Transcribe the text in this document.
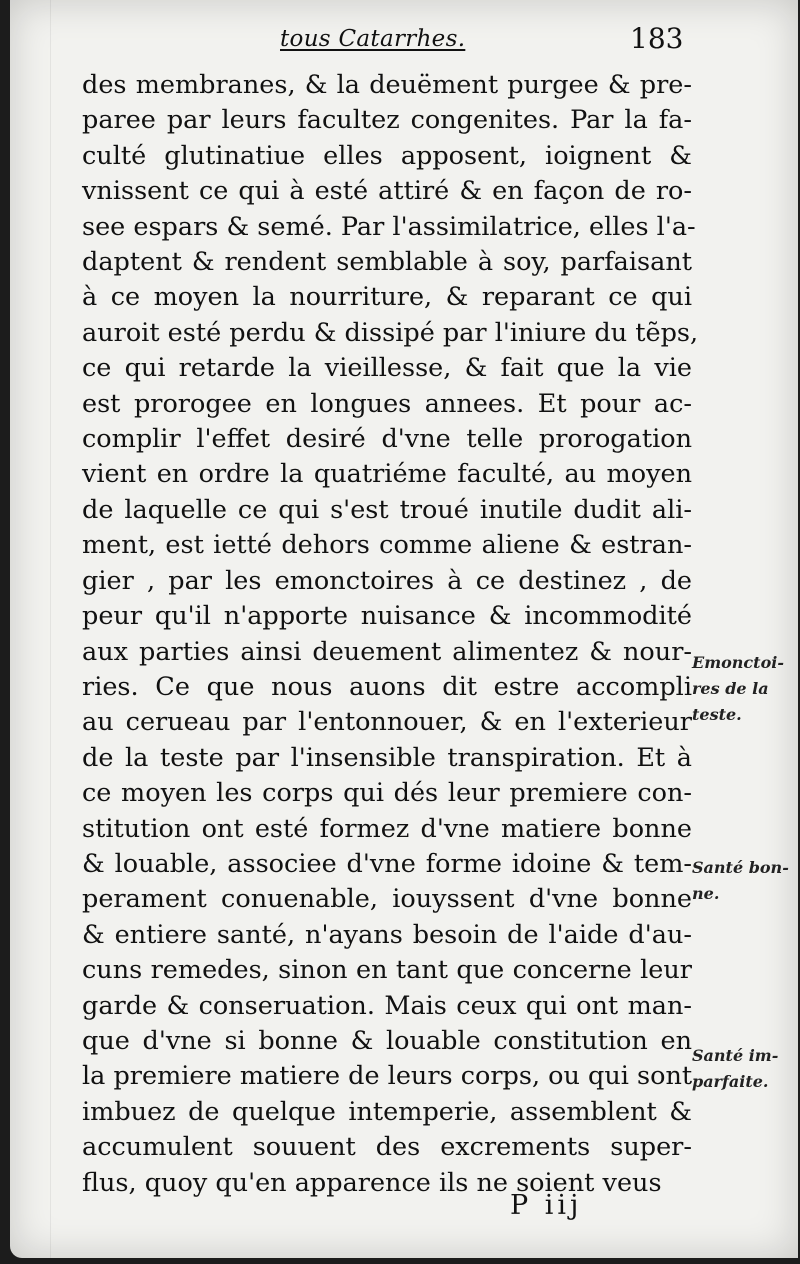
tous Catarrhes.	183
des membranes, & la deuëment purgee & pre-
paree par leurs facultez congenites. Par la fa-
culté glutinatiue elles apposent, ioignent &
vnissent ce qui à esté attiré & en façon de ro-
see espars & semé. Par l'assimilatrice, elles l'a-
daptent & rendent semblable à soy, parfaisant
à ce moyen la nourriture, & reparant ce qui
auroit esté perdu & dissipé par l'iniure du tẽps,
ce qui retarde la vieillesse, & fait que la vie
est prorogee en longues annees. Et pour ac-
complir l'effet desiré d'vne telle prorogation
vient en ordre la quatriéme faculté, au moyen
de laquelle ce qui s'est troué inutile dudit ali-
ment, est ietté dehors comme aliene & estran-
gier , par les emonctoires à ce destinez , de
peur qu'il n'apporte nuisance & incommodité
aux parties ainsi deuement alimentez & nour-
ries. Ce que nous auons dit estre accompli
au cerueau par l'entonnouer, & en l'exterieur
de la teste par l'insensible transpiration. Et à
ce moyen les corps qui dés leur premiere con-
stitution ont esté formez d'vne matiere bonne
& louable, associee d'vne forme idoine & tem-
perament conuenable, iouyssent d'vne bonne
& entiere santé, n'ayans besoin de l'aide d'au-
cuns remedes, sinon en tant que concerne leur
garde & conseruation. Mais ceux qui ont man-
que d'vne si bonne & louable constitution en
la premiere matiere de leurs corps, ou qui sont
imbuez de quelque intemperie, assemblent &
accumulent souuent des excrements super-
flus, quoy qu'en apparence ils ne soient veus
Emonctoi-
res de la
teste.
Santé bon-
ne.
Santé im-
parfaite.
P iij
